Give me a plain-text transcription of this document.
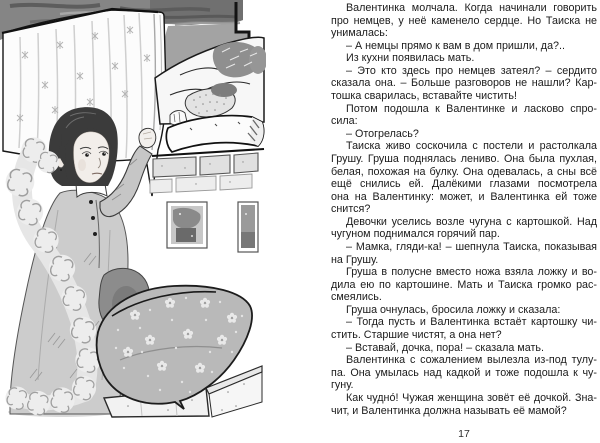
Валентинка молчала. Когда начинали говорить
про немцев, у неё каменело сердце. Но Таиска не
унималась:
– А немцы прямо к вам в дом пришли, да?..
Из кухни появилась мать.
– Это кто здесь про немцев затеял? – сердито
сказала она. – Больше разговоров не нашли? Кар-
тошка сварилась, вставайте чистить!
Потом подошла к Валентинке и ласково спро-
сила:
– Отогрелась?
Таиска живо соскочила с постели и растолкала
Грушу. Груша поднялась лениво. Она была пухлая,
белая, похожая на булку. Она одевалась, а сны всё
ещё снились ей. Далёкими глазами посмотрела
она на Валентинку: может, и Валентинка ей тоже
снится?
Девочки уселись возле чугуна с картошкой. Над
чугуном поднимался горячий пар.
– Мамка, гляди-ка! – шепнула Таиска, показывая
на Грушу.
Груша в полусне вместо ножа взяла ложку и во-
дила ею по картошине. Мать и Таиска громко рас-
смеялись.
Груша очнулась, бросила ложку и сказала:
– Тогда пусть и Валентинка встаёт картошку чи-
стить. Старшие чистят, а она нет?
– Вставай, дочка, пора! – сказала мать.
Валентинка с сожалением вылезла из-под тулу-
па. Она умылась над кадкой и тоже подошла к чу-
гуну.
Как чудно́! Чужая женщина зовёт её дочкой. Зна-
чит, и Валентинка должна называть её мамой?
17
